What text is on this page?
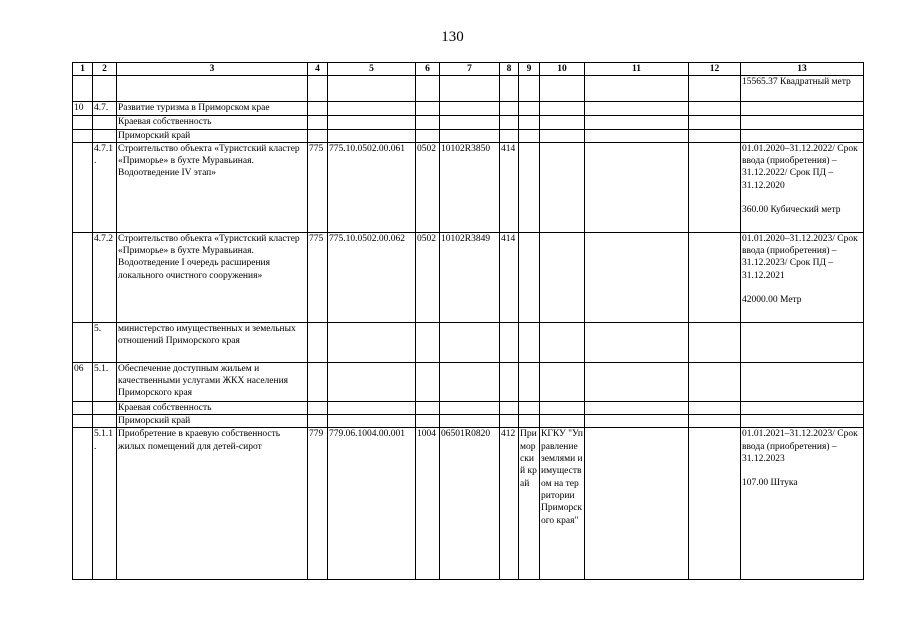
130
1	2	3	4	5	6	7	8	9	10	11	12	13
												15565.37 Квадратный метр
10	4.7.	Развитие туризма в Приморском крае										
		Краевая собственность										
		Приморский край										
	4.7.1.	Строительство объекта «Туристский кластер «Приморье» в бухте Муравьиная. Водоотведение IV этап»	775	775.10.0502.00.061	0502	10102R3850	414					01.01.2020–31.12.2022/ Срок ввода (приобретения) – 31.12.2022/ Срок ПД – 31.12.2020
360.00 Кубический метр

	4.7.2	Строительство объекта «Туристский кластер «Приморье» в бухте Муравьиная. Водоотведение I очередь расширения локального очистного сооружения»	775	775.10.0502.00.062	0502	10102R3849	414					01.01.2020–31.12.2023/ Срок ввода (приобретения) – 31.12.2023/ Срок ПД – 31.12.2021
42000.00 Метр

	5.	министерство имущественных и земельных отношений Приморского края										
06	5.1.	Обеспечение доступным жильем и качественными услугами ЖКХ населения Приморского края										
		Краевая собственность										
		Приморский край										
	5.1.1.	Приобретение в краевую собственность жилых помещений для детей-сирот	779	779.06.1004.00.001	1004	06501R0820	412	Приморский край	КГКУ "Управление землями и имуществом на территории Приморского края"			01.01.2021–31.12.2023/ Срок ввода (приобретения) – 31.12.2023
107.00 Штука
